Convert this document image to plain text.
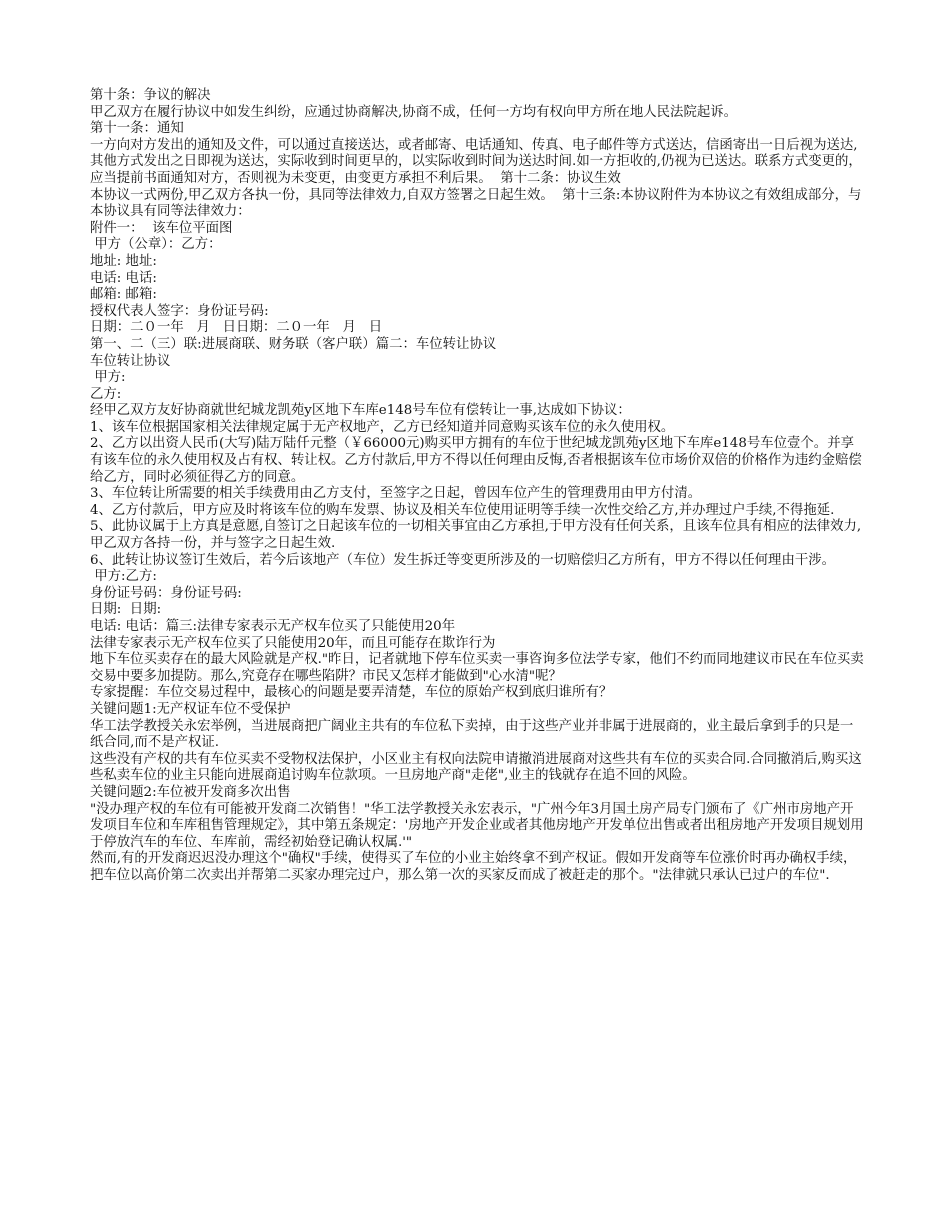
第十条：争议的解决

甲乙双方在履行协议中如发生纠纷，应通过协商解决,协商不成，任何一方均有权向甲方所在地人民法院起诉。

第十一条：通知

一方向对方发出的通知及文件，可以通过直接送达，或者邮寄、电话通知、传真、电子邮件等方式送达，信函寄出一日后视为送达,其他方式发出之日即视为送达，实际收到时间更早的，以实际收到时间为送达时间.如一方拒收的,仍视为已送达。联系方式变更的，应当提前书面通知对方，否则视为未变更，由变更方承担不利后果。  第十二条：协议生效

本协议一式两份,甲乙双方各执一份，具同等法律效力,自双方签署之日起生效。  第十三条:本协议附件为本协议之有效组成部分，与本协议具有同等法律效力：

附件一：  该车位平面图

甲方（公章）：乙方：

地址: 地址:

电话: 电话:

邮箱: 邮箱:

授权代表人签字：身份证号码:

日期：二０一年   月   日日期：二０一年   月   日

第一、二（三）联:进展商联、财务联（客户联）篇二：车位转让协议

车位转让协议

甲方:

乙方:

经甲乙双方友好协商就世纪城龙凯苑y区地下车库e148号车位有偿转让一事,达成如下协议：

1、该车位根据国家相关法律规定属于无产权地产，乙方已经知道并同意购买该车位的永久使用权。

2、乙方以出资人民币(大写)陆万陆仟元整（￥66000元)购买甲方拥有的车位于世纪城龙凯苑y区地下车库e148号车位壹个。并享有该车位的永久使用权及占有权、转让权。乙方付款后,甲方不得以任何理由反悔,否者根据该车位市场价双倍的价格作为违约金赔偿给乙方，同时必须征得乙方的同意。

3、车位转让所需要的相关手续费用由乙方支付，至签字之日起，曾因车位产生的管理费用由甲方付清。

4、乙方付款后，甲方应及时将该车位的购车发票、协议及相关车位使用证明等手续一次性交给乙方,并办理过户手续,不得拖延.

5、此协议属于上方真是意愿,自签订之日起该车位的一切相关事宜由乙方承担,于甲方没有任何关系，且该车位具有相应的法律效力,甲乙双方各持一份，并与签字之日起生效.

6、此转让协议签订生效后，若今后该地产（车位）发生拆迁等变更所涉及的一切赔偿归乙方所有，甲方不得以任何理由干涉。

甲方:乙方:

身份证号码：身份证号码:

日期:  日期:

电话: 电话：篇三:法律专家表示无产权车位买了只能使用20年

法律专家表示无产权车位买了只能使用20年，而且可能存在欺诈行为

地下车位买卖存在的最大风险就是产权."昨日，记者就地下停车位买卖一事咨询多位法学专家，他们不约而同地建议市民在车位买卖交易中要多加提防。那么,究竟存在哪些陷阱？市民又怎样才能做到"心水清"呢？

专家提醒：车位交易过程中，最核心的问题是要弄清楚，车位的原始产权到底归谁所有？

关键问题1:无产权证车位不受保护

华工法学教授关永宏举例，当进展商把广阔业主共有的车位私下卖掉，由于这些产业并非属于进展商的，业主最后拿到手的只是一纸合同,而不是产权证.

这些没有产权的共有车位买卖不受物权法保护，小区业主有权向法院申请撤消进展商对这些共有车位的买卖合同.合同撤消后,购买这些私卖车位的业主只能向进展商追讨购车位款项。一旦房地产商"走佬",业主的钱就存在追不回的风险。

关键问题2:车位被开发商多次出售

"没办理产权的车位有可能被开发商二次销售！"华工法学教授关永宏表示，"广州今年3月国土房产局专门颁布了《广州市房地产开发项目车位和车库租售管理规定》，其中第五条规定：'房地产开发企业或者其他房地产开发单位出售或者出租房地产开发项目规划用于停放汽车的车位、车库前，需经初始登记确认权属.'"

然而,有的开发商迟迟没办理这个"确权"手续，使得买了车位的小业主始终拿不到产权证。假如开发商等车位涨价时再办确权手续，把车位以高价第二次卖出并帮第二买家办理完过户，那么第一次的买家反而成了被赶走的那个。"法律就只承认已过户的车位".
